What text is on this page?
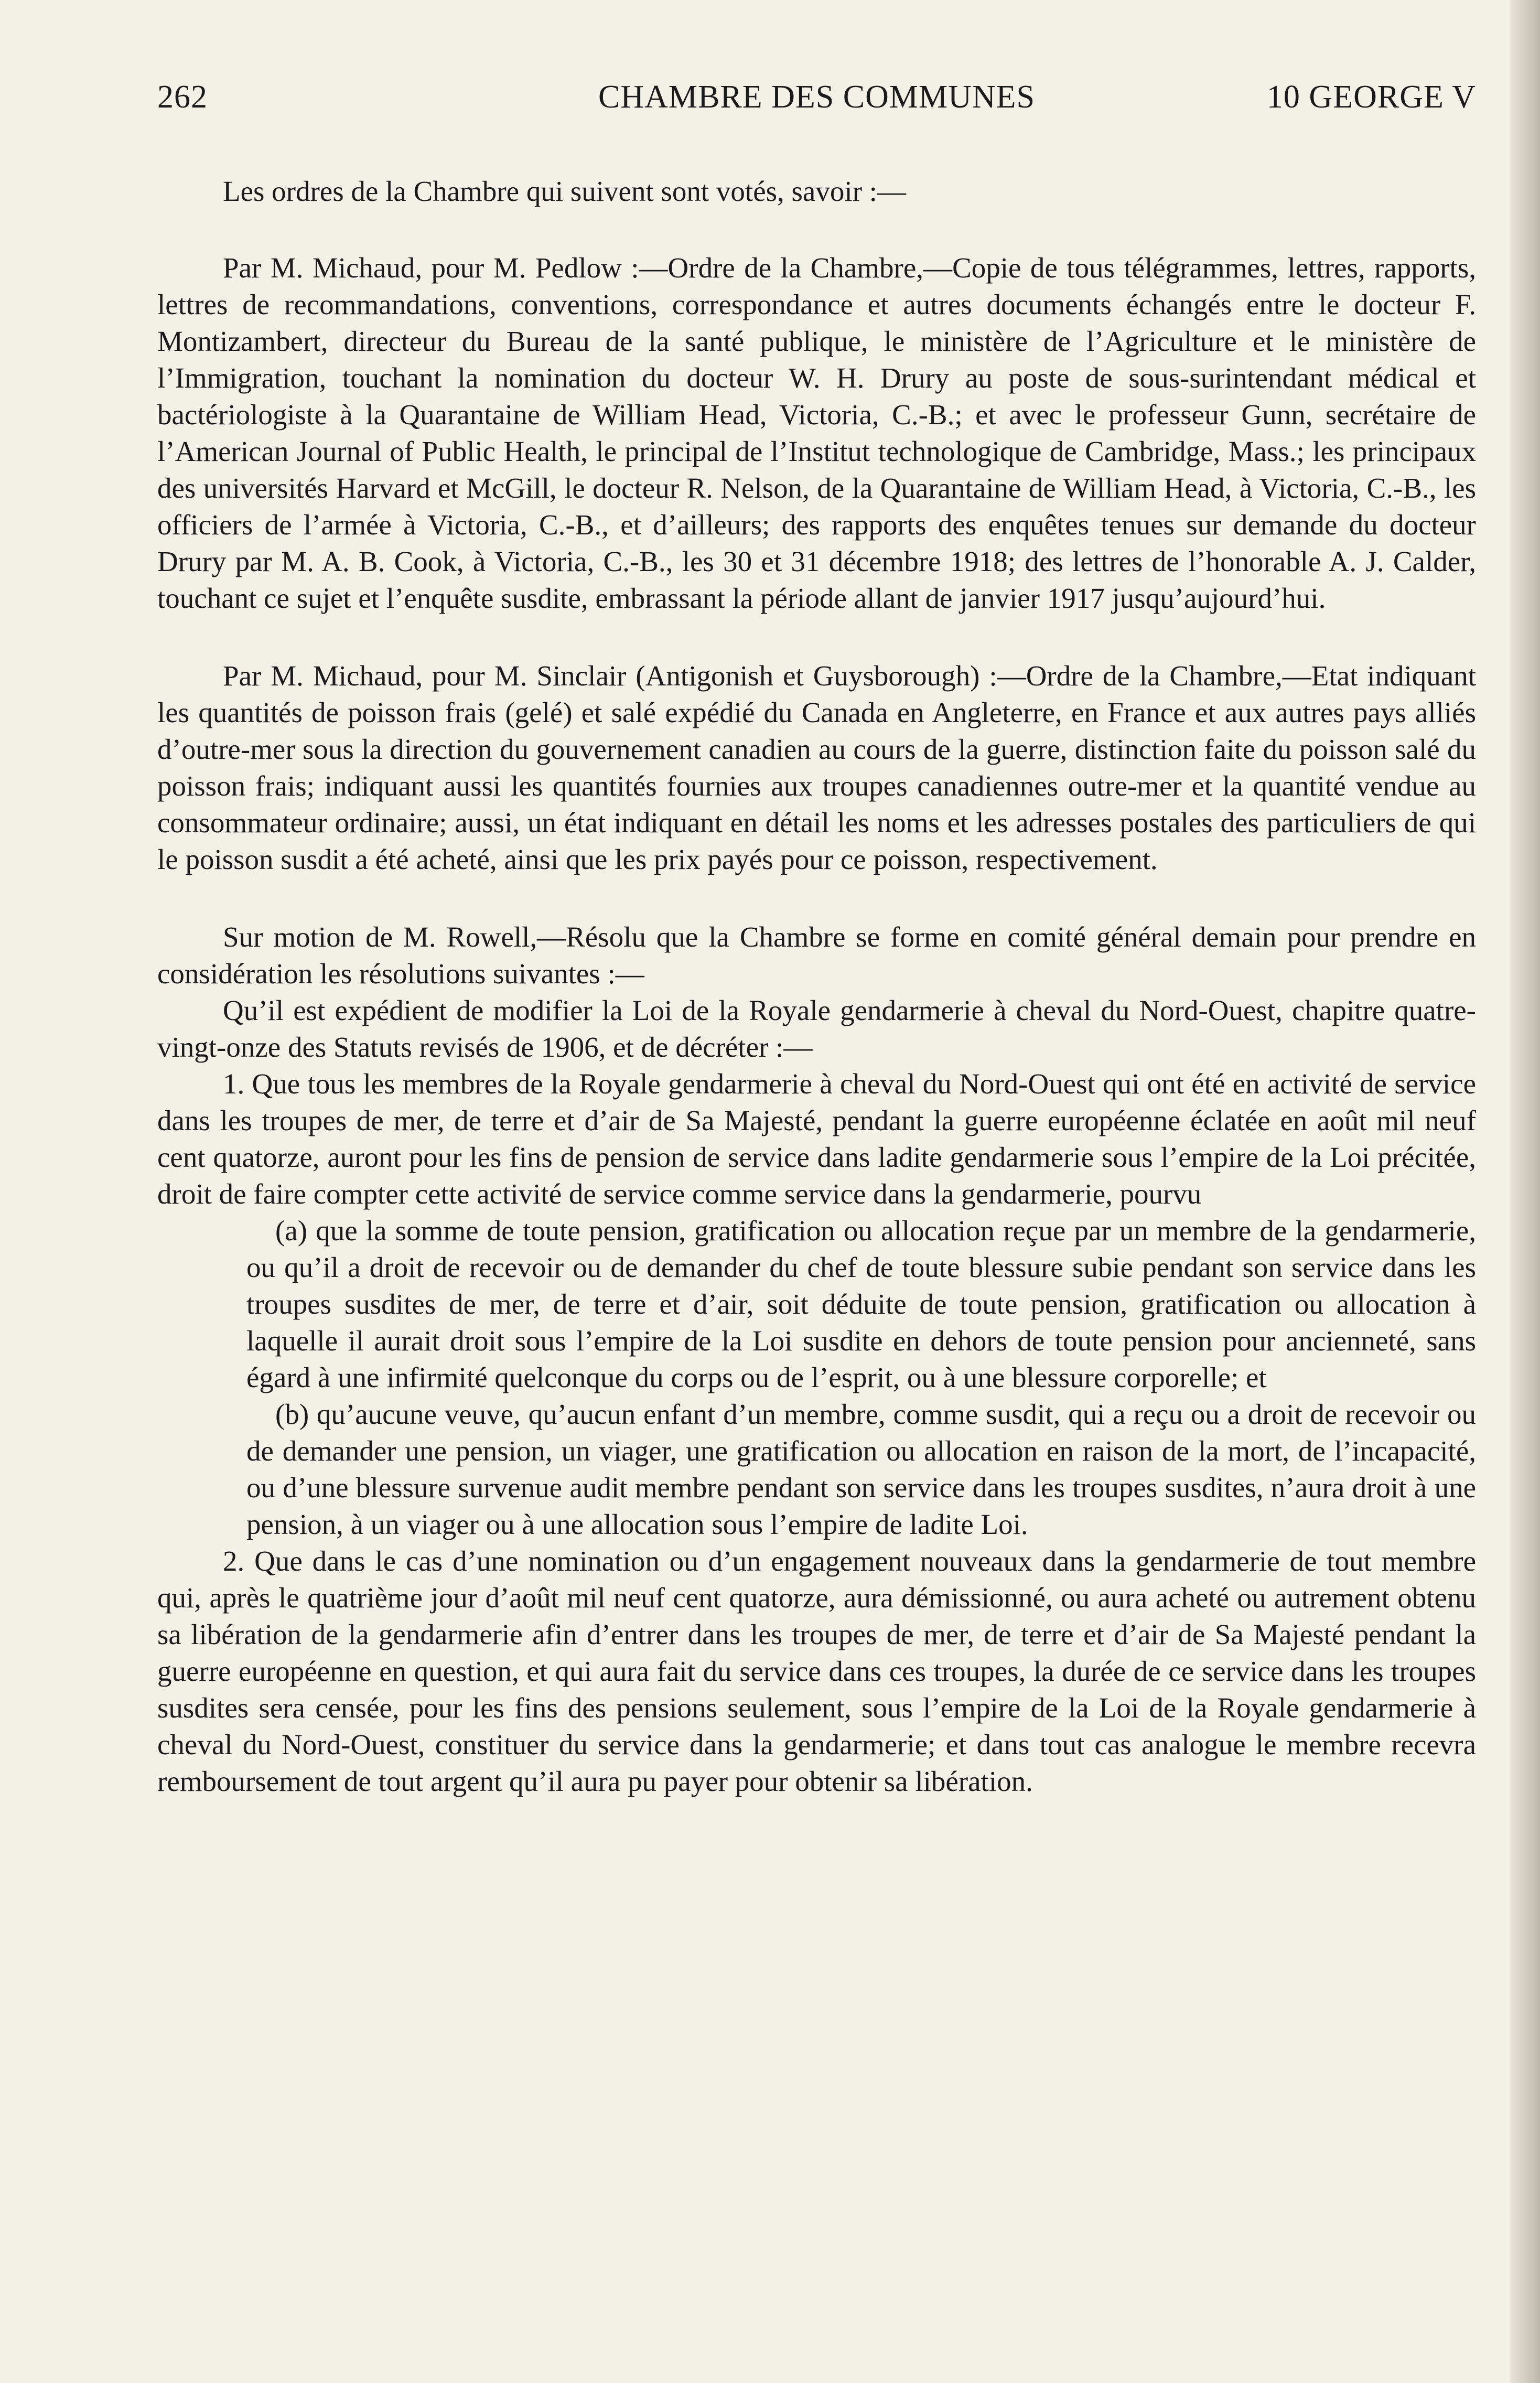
262	CHAMBRE DES COMMUNES	10 GEORGE V

Les ordres de la Chambre qui suivent sont votés, savoir :—

Par M. Michaud, pour M. Pedlow :—Ordre de la Chambre,—Copie de tous télégrammes, lettres, rapports, lettres de recommandations, conventions, correspondance et autres documents échangés entre le docteur F. Montizambert, directeur du Bureau de la santé publique, le ministère de l’Agriculture et le ministère de l’Immigration, touchant la nomination du docteur W. H. Drury au poste de sous-surintendant médical et bactériologiste à la Quarantaine de William Head, Victoria, C.-B.; et avec le professeur Gunn, secrétaire de l’American Journal of Public Health, le principal de l’Institut technologique de Cambridge, Mass.; les principaux des universités Harvard et McGill, le docteur R. Nelson, de la Quarantaine de William Head, à Victoria, C.-B., les officiers de l’armée à Victoria, C.-B., et d’ailleurs; des rapports des enquêtes tenues sur demande du docteur Drury par M. A. B. Cook, à Victoria, C.-B., les 30 et 31 décembre 1918; des lettres de l’honorable A. J. Calder, touchant ce sujet et l’enquête susdite, embrassant la période allant de janvier 1917 jusqu’aujourd’hui.

Par M. Michaud, pour M. Sinclair (Antigonish et Guysborough) :—Ordre de la Chambre,—Etat indiquant les quantités de poisson frais (gelé) et salé expédié du Canada en Angleterre, en France et aux autres pays alliés d’outre-mer sous la direction du gouvernement canadien au cours de la guerre, distinction faite du poisson salé du poisson frais; indiquant aussi les quantités fournies aux troupes canadiennes outre-mer et la quantité vendue au consommateur ordinaire; aussi, un état indiquant en détail les noms et les adresses postales des particuliers de qui le poisson susdit a été acheté, ainsi que les prix payés pour ce poisson, respectivement.

Sur motion de M. Rowell,—Résolu que la Chambre se forme en comité général demain pour prendre en considération les résolutions suivantes :—

Qu’il est expédient de modifier la Loi de la Royale gendarmerie à cheval du Nord-Ouest, chapitre quatre-vingt-onze des Statuts revisés de 1906, et de décréter :—

1. Que tous les membres de la Royale gendarmerie à cheval du Nord-Ouest qui ont été en activité de service dans les troupes de mer, de terre et d’air de Sa Majesté, pendant la guerre européenne éclatée en août mil neuf cent quatorze, auront pour les fins de pension de service dans ladite gendarmerie sous l’empire de la Loi précitée, droit de faire compter cette activité de service comme service dans la gendarmerie, pourvu

(a) que la somme de toute pension, gratification ou allocation reçue par un membre de la gendarmerie, ou qu’il a droit de recevoir ou de demander du chef de toute blessure subie pendant son service dans les troupes susdites de mer, de terre et d’air, soit déduite de toute pension, gratification ou allocation à laquelle il aurait droit sous l’empire de la Loi susdite en dehors de toute pension pour ancienneté, sans égard à une infirmité quelconque du corps ou de l’esprit, ou à une blessure corporelle; et

(b) qu’aucune veuve, qu’aucun enfant d’un membre, comme susdit, qui a reçu ou a droit de recevoir ou de demander une pension, un viager, une gratification ou allocation en raison de la mort, de l’incapacité, ou d’une blessure survenue audit membre pendant son service dans les troupes susdites, n’aura droit à une pension, à un viager ou à une allocation sous l’empire de ladite Loi.

2. Que dans le cas d’une nomination ou d’un engagement nouveaux dans la gendarmerie de tout membre qui, après le quatrième jour d’août mil neuf cent quatorze, aura démissionné, ou aura acheté ou autrement obtenu sa libération de la gendarmerie afin d’entrer dans les troupes de mer, de terre et d’air de Sa Majesté pendant la guerre européenne en question, et qui aura fait du service dans ces troupes, la durée de ce service dans les troupes susdites sera censée, pour les fins des pensions seulement, sous l’empire de la Loi de la Royale gendarmerie à cheval du Nord-Ouest, constituer du service dans la gendarmerie; et dans tout cas analogue le membre recevra remboursement de tout argent qu’il aura pu payer pour obtenir sa libération.
